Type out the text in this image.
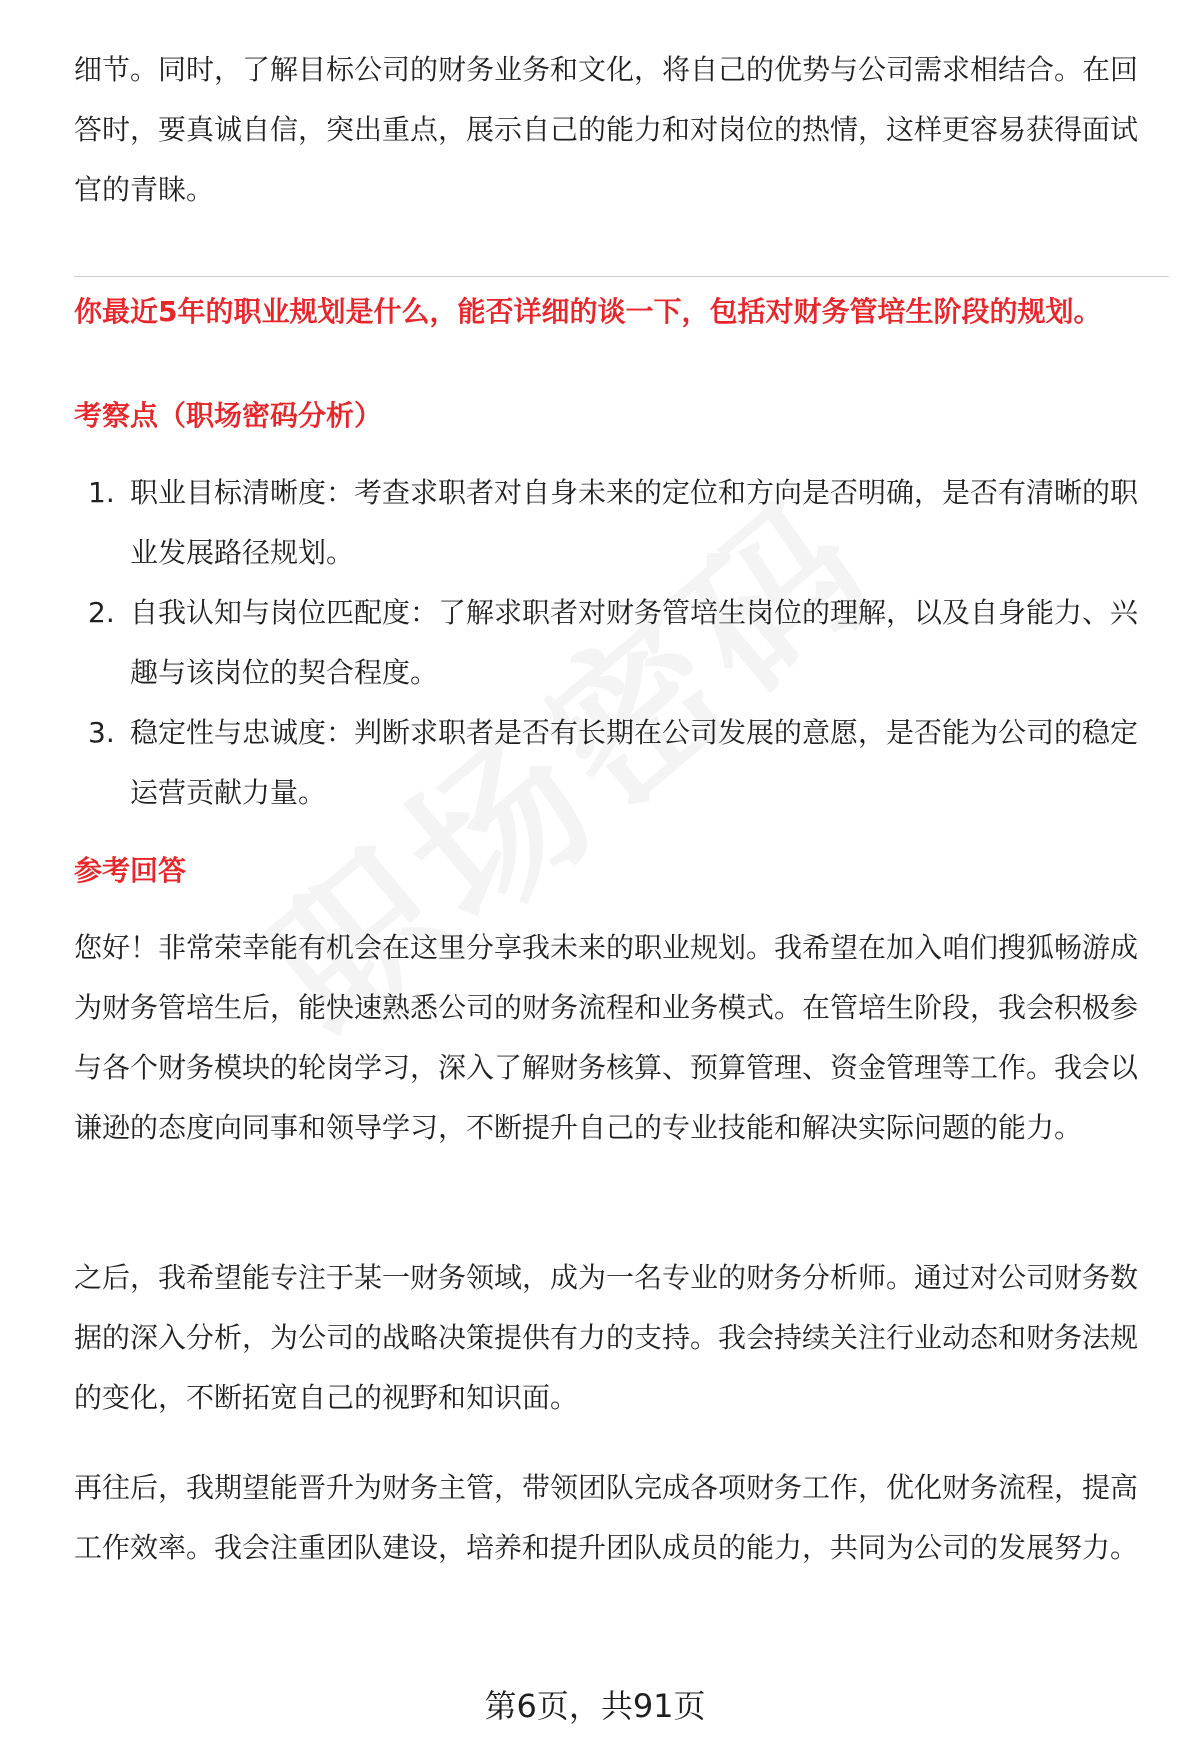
细节。同时，了解目标公司的财务业务和文化，将自己的优势与公司需求相结合。在回答时，要真诚自信，突出重点，展示自己的能力和对岗位的热情，这样更容易获得面试官的青睐。

你最近5年的职业规划是什么，能否详细的谈一下，包括对财务管培生阶段的规划。

考察点（职场密码分析）

1. 职业目标清晰度：考查求职者对自身未来的定位和方向是否明确，是否有清晰的职业发展路径规划。
2. 自我认知与岗位匹配度：了解求职者对财务管培生岗位的理解，以及自身能力、兴趣与该岗位的契合程度。
3. 稳定性与忠诚度：判断求职者是否有长期在公司发展的意愿，是否能为公司的稳定运营贡献力量。

参考回答

您好！非常荣幸能有机会在这里分享我未来的职业规划。我希望在加入咱们搜狐畅游成为财务管培生后，能快速熟悉公司的财务流程和业务模式。在管培生阶段，我会积极参与各个财务模块的轮岗学习，深入了解财务核算、预算管理、资金管理等工作。我会以谦逊的态度向同事和领导学习，不断提升自己的专业技能和解决实际问题的能力。

之后，我希望能专注于某一财务领域，成为一名专业的财务分析师。通过对公司财务数据的深入分析，为公司的战略决策提供有力的支持。我会持续关注行业动态和财务法规的变化，不断拓宽自己的视野和知识面。

再往后，我期望能晋升为财务主管，带领团队完成各项财务工作，优化财务流程，提高工作效率。我会注重团队建设，培养和提升团队成员的能力，共同为公司的发展努力。

第6页，共91页
